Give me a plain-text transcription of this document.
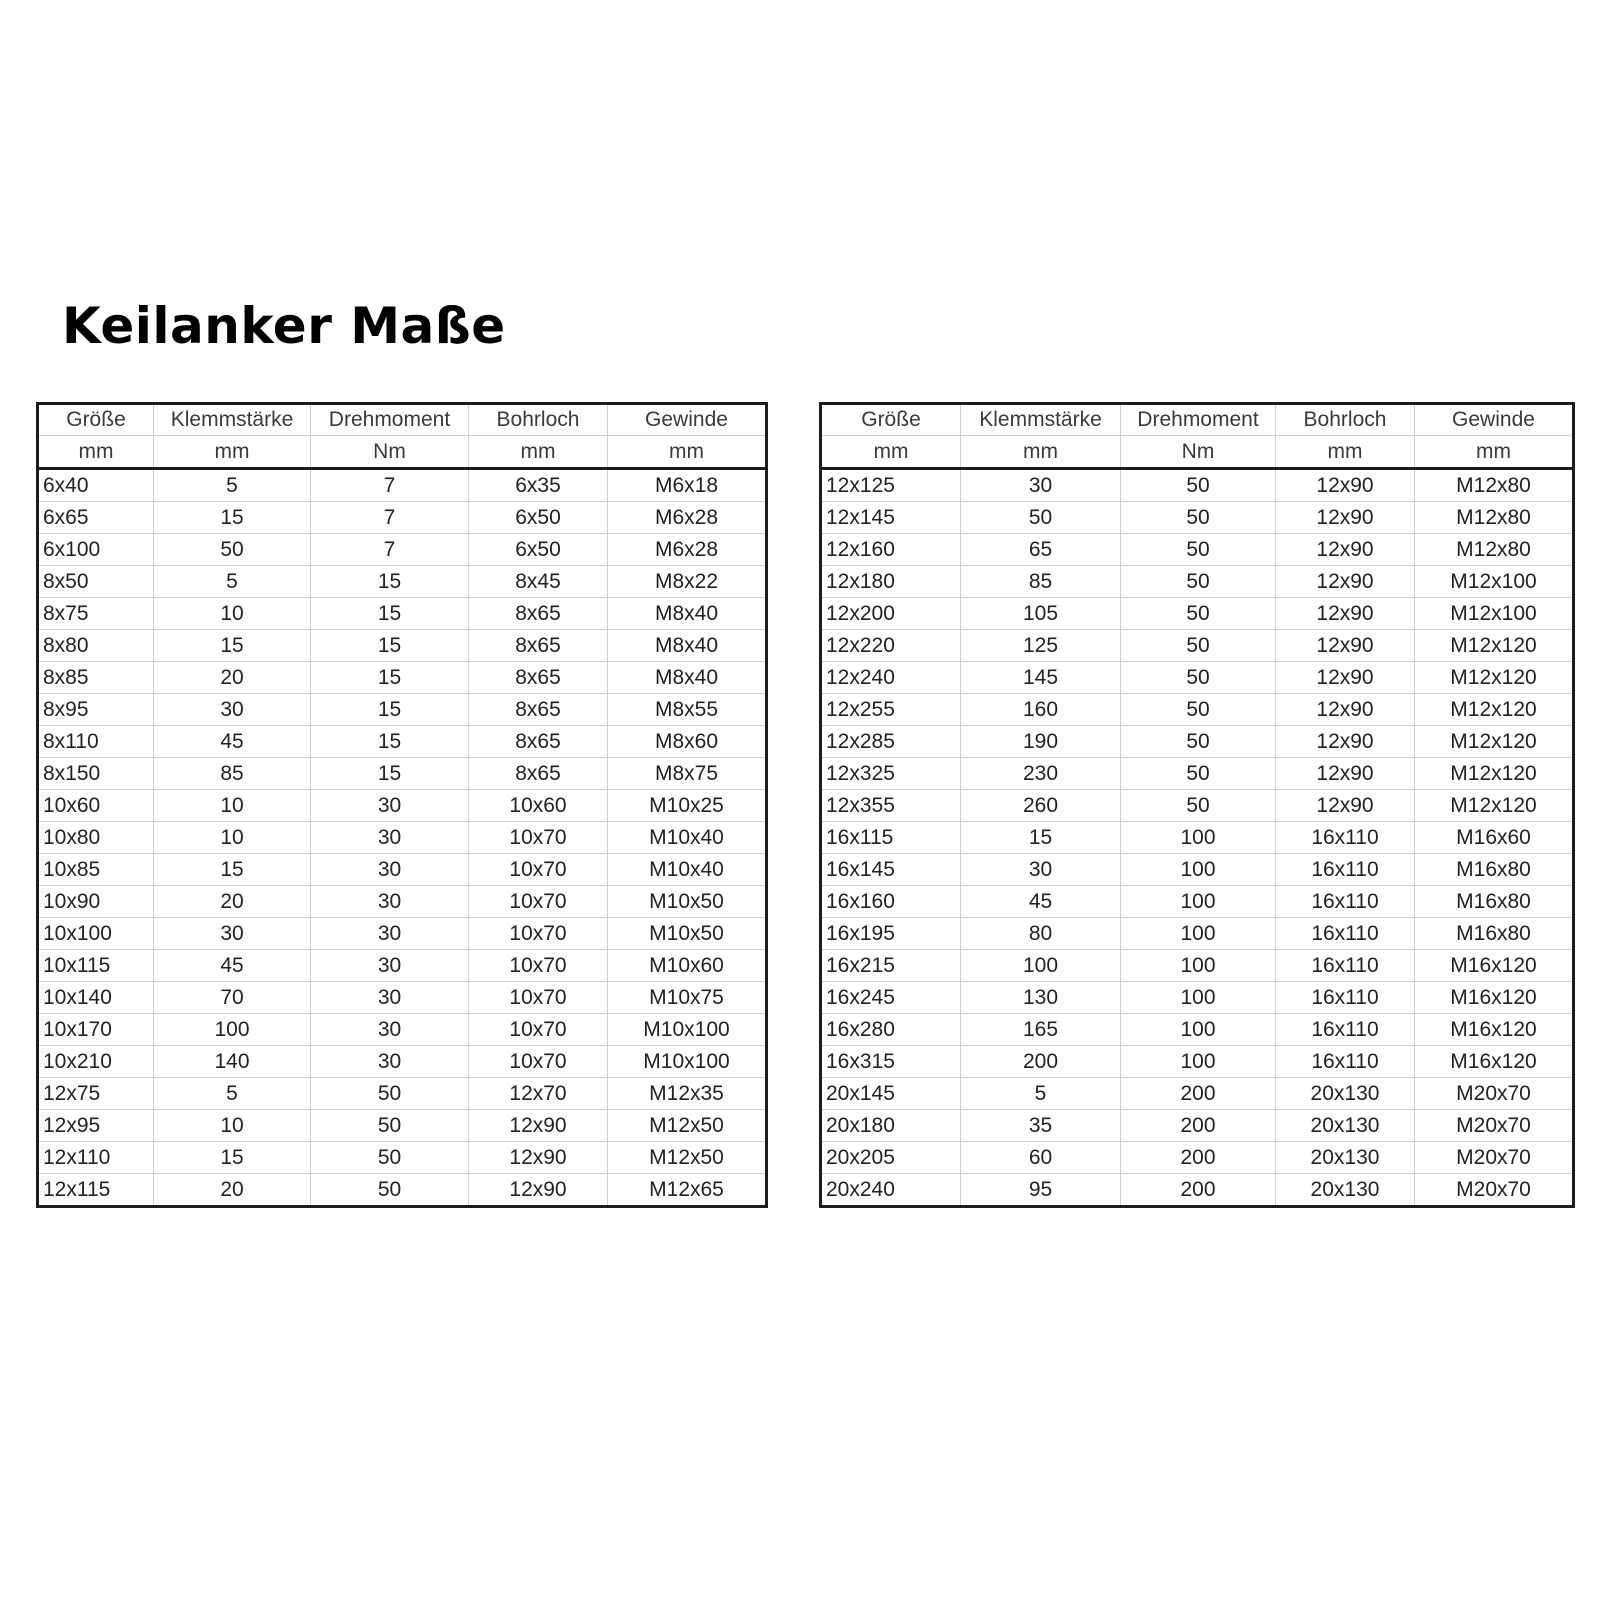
Keilanker Maße
Größe	Klemmstärke	Drehmoment	Bohrloch	Gewinde
mm	mm	Nm	mm	mm
6x40	5	7	6x35	M6x18
6x65	15	7	6x50	M6x28
6x100	50	7	6x50	M6x28
8x50	5	15	8x45	M8x22
8x75	10	15	8x65	M8x40
8x80	15	15	8x65	M8x40
8x85	20	15	8x65	M8x40
8x95	30	15	8x65	M8x55
8x110	45	15	8x65	M8x60
8x150	85	15	8x65	M8x75
10x60	10	30	10x60	M10x25
10x80	10	30	10x70	M10x40
10x85	15	30	10x70	M10x40
10x90	20	30	10x70	M10x50
10x100	30	30	10x70	M10x50
10x115	45	30	10x70	M10x60
10x140	70	30	10x70	M10x75
10x170	100	30	10x70	M10x100
10x210	140	30	10x70	M10x100
12x75	5	50	12x70	M12x35
12x95	10	50	12x90	M12x50
12x110	15	50	12x90	M12x50
12x115	20	50	12x90	M12x65
Größe	Klemmstärke	Drehmoment	Bohrloch	Gewinde
mm	mm	Nm	mm	mm
12x125	30	50	12x90	M12x80
12x145	50	50	12x90	M12x80
12x160	65	50	12x90	M12x80
12x180	85	50	12x90	M12x100
12x200	105	50	12x90	M12x100
12x220	125	50	12x90	M12x120
12x240	145	50	12x90	M12x120
12x255	160	50	12x90	M12x120
12x285	190	50	12x90	M12x120
12x325	230	50	12x90	M12x120
12x355	260	50	12x90	M12x120
16x115	15	100	16x110	M16x60
16x145	30	100	16x110	M16x80
16x160	45	100	16x110	M16x80
16x195	80	100	16x110	M16x80
16x215	100	100	16x110	M16x120
16x245	130	100	16x110	M16x120
16x280	165	100	16x110	M16x120
16x315	200	100	16x110	M16x120
20x145	5	200	20x130	M20x70
20x180	35	200	20x130	M20x70
20x205	60	200	20x130	M20x70
20x240	95	200	20x130	M20x70
